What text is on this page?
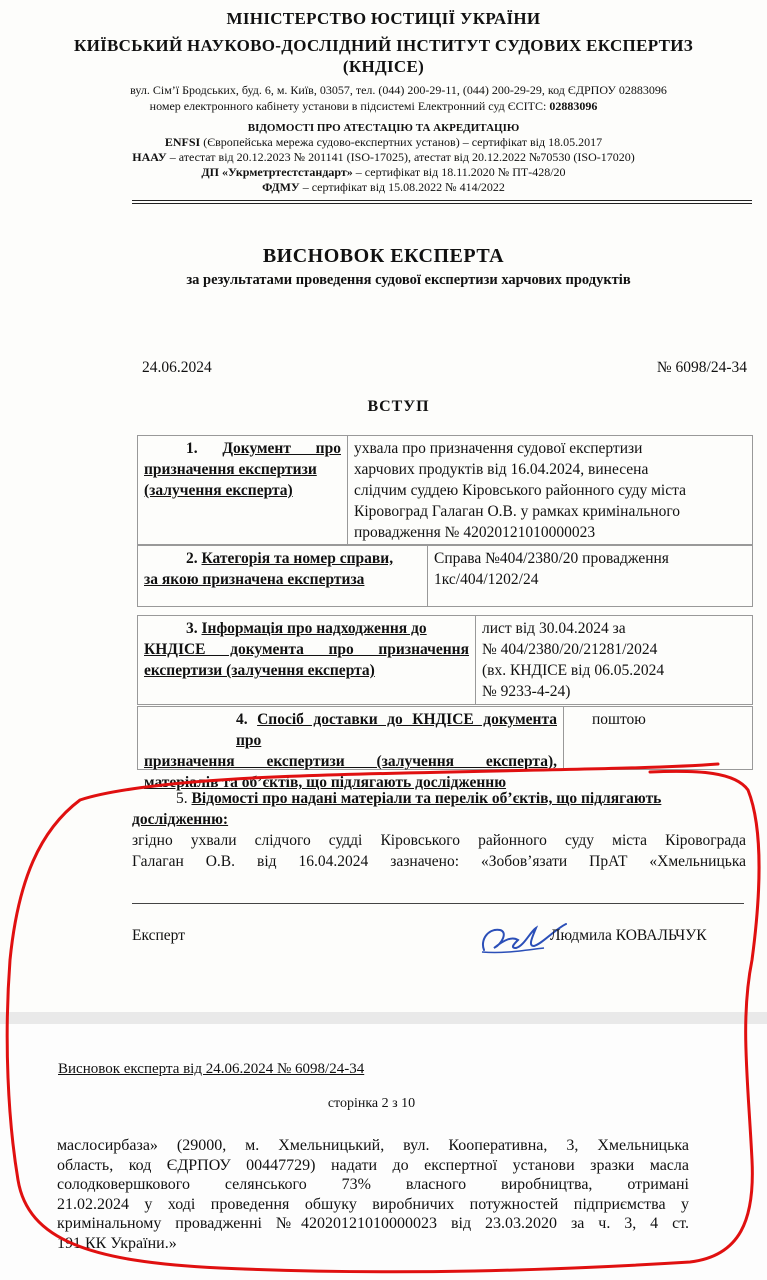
МІНІСТЕРСТВО ЮСТИЦІЇ УКРАЇНИ
КИЇВСЬКИЙ НАУКОВО-ДОСЛІДНИЙ ІНСТИТУТ СУДОВИХ ЕКСПЕРТИЗ
(КНДІСЕ)
вул. Сім’ї Бродських, буд. 6, м. Київ, 03057, тел. (044) 200-29-11, (044) 200-29-29, код ЄДРПОУ 02883096
номер електронного кабінету установи в підсистемі Електронний суд ЄСІТС: 02883096
ВІДОМОСТІ ПРО АТЕСТАЦІЮ ТА АКРЕДИТАЦІЮ
ENFSI (Європейська мережа судово-експертних установ) – сертифікат від 18.05.2017
НААУ – атестат від 20.12.2023 № 201141 (ISO-17025), атестат від 20.12.2022 №70530 (ISO-17020)
ДП «Укрметртестстандарт» – сертифікат від 18.11.2020 № ПТ-428/20
ФДМУ – сертифікат від 15.08.2022 № 414/2022
ВИСНОВОК ЕКСПЕРТА
за результатами проведення судової експертизи харчових продуктів
24.06.2024	№ 6098/24-34
ВСТУП
1. Документ про
призначення експертизи
(залучення експерта)
ухвала про призначення судової експертизи
харчових продуктів від 16.04.2024, винесена
слідчим суддею Кіровського районного суду міста
Кіровоград Галаган О.В. у рамках кримінального
провадження № 42020121010000023
2. Категорія та номер справи,
за якою призначена експертиза
Справа №404/2380/20 провадження
1кс/404/1202/24
3. Інформація про надходження до
КНДІСЕ документа про призначення
експертизи (залучення експерта)
лист від 30.04.2024 за
№ 404/2380/20/21281/2024
(вх. КНДІСЕ від 06.05.2024
№ 9233-4-24)
4. Спосіб доставки до КНДІСЕ документа про
призначення експертизи (залучення експерта),
матеріалів та об’єктів, що підлягають дослідженню
поштою
5. Відомості про надані матеріали та перелік об’єктів, що підлягають
дослідженню:
згідно ухвали слідчого судді Кіровського районного суду міста Кіровограда
Галаган О.В. від 16.04.2024 зазначено: «Зобов’язати ПрАТ «Хмельницька
Експерт	Людмила КОВАЛЬЧУК
Висновок експерта від 24.06.2024 № 6098/24-34
сторінка 2 з 10
маслосирбаза» (29000, м. Хмельницький, вул. Кооперативна, 3, Хмельницька
область, код ЄДРПОУ 00447729) надати до експертної установи зразки масла
солодковершкового селянського 73% власного виробництва, отримані
21.02.2024 у ході проведення обшуку виробничих потужностей підприємства у
кримінальному провадженні №42020121010000023 від 23.03.2020 за ч. 3, 4 ст.
191 КК України.»
